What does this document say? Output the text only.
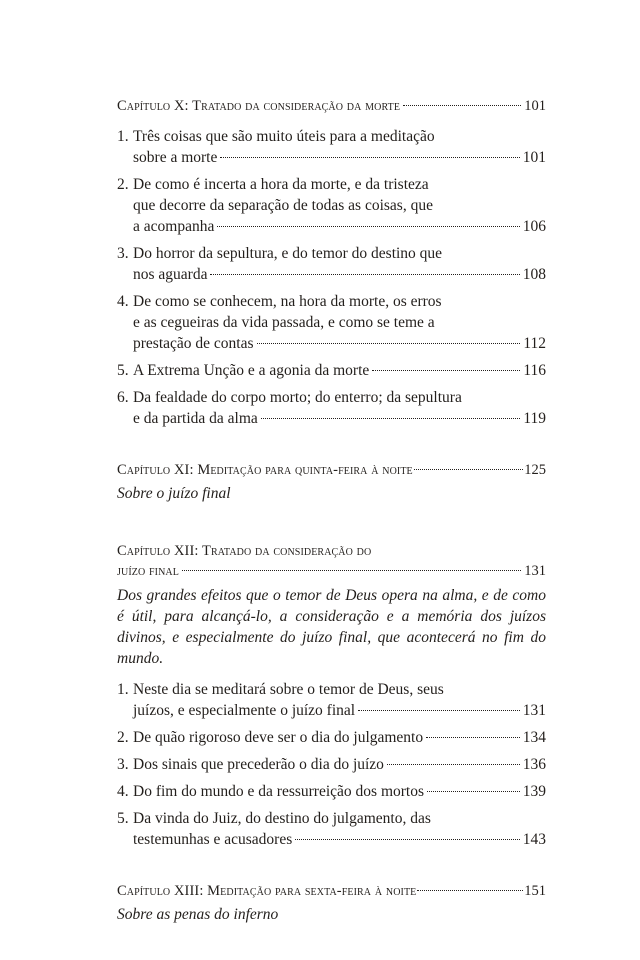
Capítulo X: Tratado da consideração da morte	101
1. Três coisas que são muito úteis para a meditação
sobre a morte	101
2. De como é incerta a hora da morte, e da tristeza
que decorre da separação de todas as coisas, que
a acompanha	106
3. Do horror da sepultura, e do temor do destino que
nos aguarda	108
4. De como se conhecem, na hora da morte, os erros
e as cegueiras da vida passada, e como se teme a
prestação de contas	112
5. A Extrema Unção e a agonia da morte	116
6. Da fealdade do corpo morto; do enterro; da sepultura
e da partida da alma	119
Capítulo XI: Meditação para quinta-feira à noite	125
Sobre o juízo final
Capítulo XII: Tratado da consideração do
juízo final	131
Dos grandes efeitos que o temor de Deus opera na alma, e de como é útil, para alcançá-lo, a consideração e a memória dos juízos divinos, e especialmente do juízo final, que acontecerá no fim do mundo.
1. Neste dia se meditará sobre o temor de Deus, seus
juízos, e especialmente o juízo final	131
2. De quão rigoroso deve ser o dia do julgamento	134
3. Dos sinais que precederão o dia do juízo	136
4. Do fim do mundo e da ressurreição dos mortos	139
5. Da vinda do Juiz, do destino do julgamento, das
testemunhas e acusadores	143
Capítulo XIII: Meditação para sexta-feira à noite	151
Sobre as penas do inferno
